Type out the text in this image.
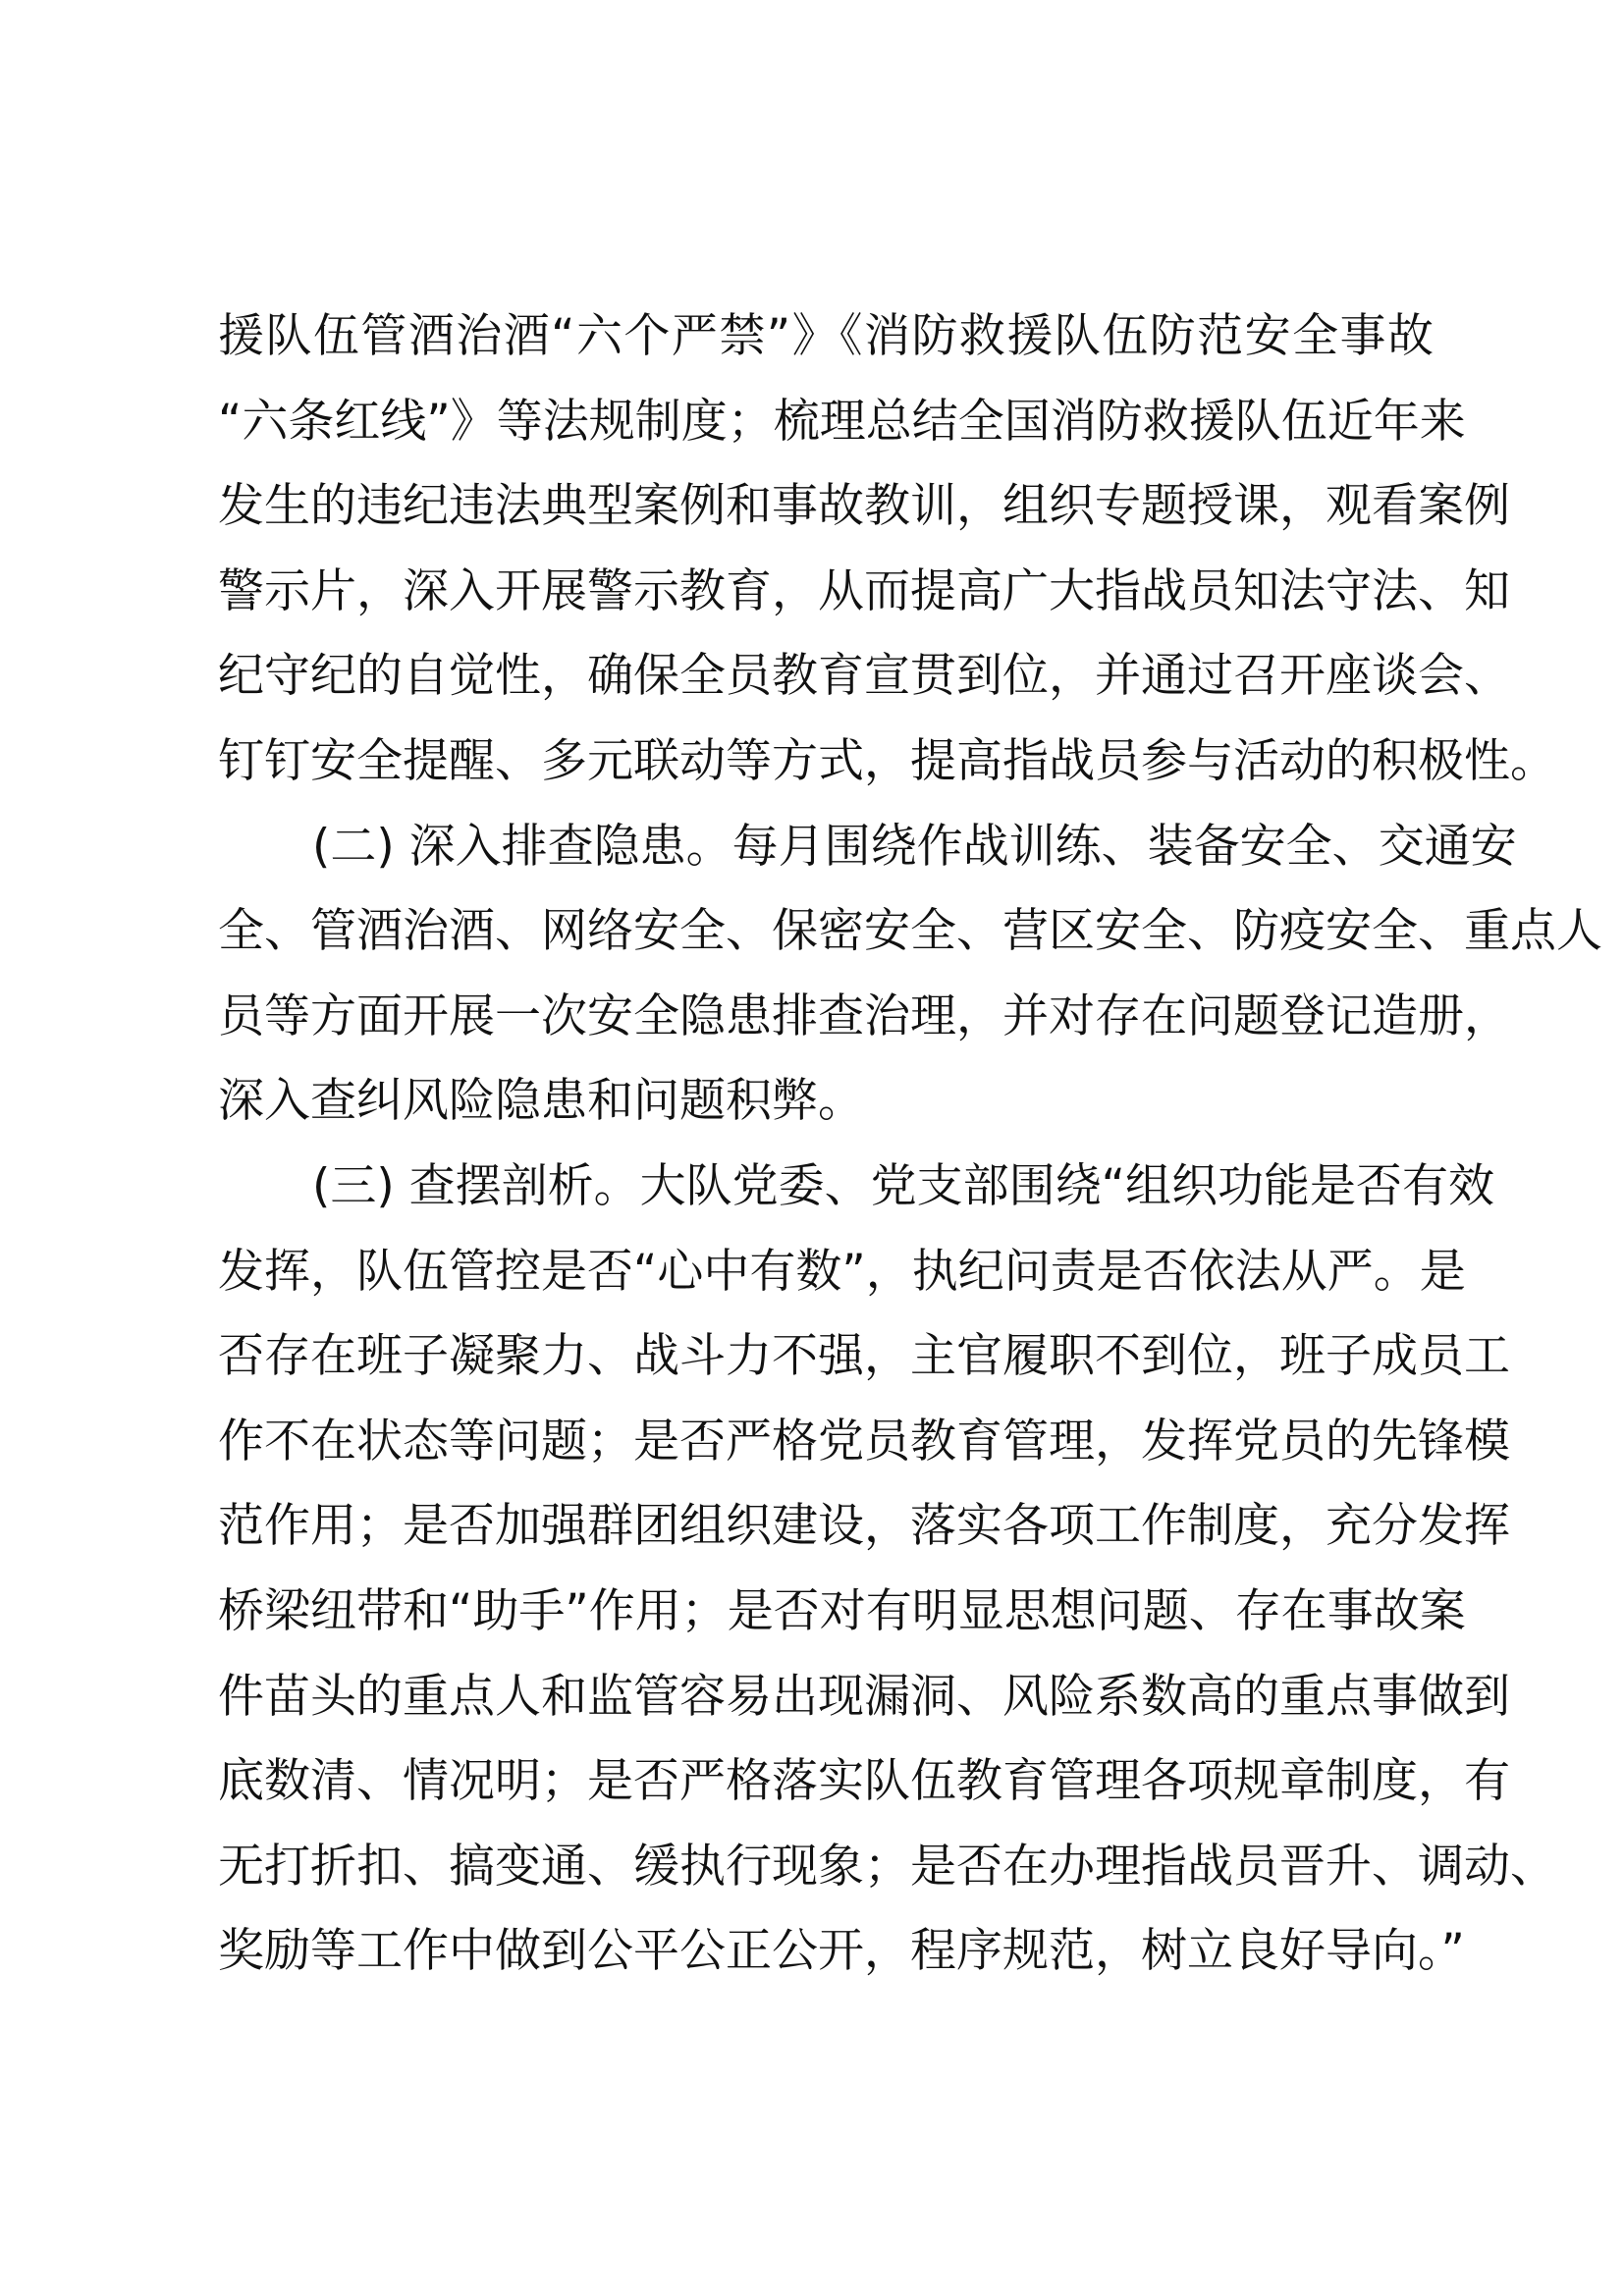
援队伍管酒治酒“六个严禁”》《消防救援队伍防范安全事故
“六条红线”》等法规制度；梳理总结全国消防救援队伍近年来
发生的违纪违法典型案例和事故教训，组织专题授课，观看案例
警示片，深入开展警示教育，从而提高广大指战员知法守法、知
纪守纪的自觉性，确保全员教育宣贯到位，并通过召开座谈会、
钉钉安全提醒、多元联动等方式，提高指战员参与活动的积极性。
(二) 深入排查隐患。每月围绕作战训练、装备安全、交通安
全、管酒治酒、网络安全、保密安全、营区安全、防疫安全、重点人
员等方面开展一次安全隐患排查治理，并对存在问题登记造册，
深入查纠风险隐患和问题积弊。
(三) 查摆剖析。大队党委、党支部围绕“组织功能是否有效
发挥，队伍管控是否“心中有数”，执纪问责是否依法从严。是
否存在班子凝聚力、战斗力不强，主官履职不到位，班子成员工
作不在状态等问题；是否严格党员教育管理，发挥党员的先锋模
范作用；是否加强群团组织建设，落实各项工作制度，充分发挥
桥梁纽带和“助手”作用；是否对有明显思想问题、存在事故案
件苗头的重点人和监管容易出现漏洞、风险系数高的重点事做到
底数清、情况明；是否严格落实队伍教育管理各项规章制度，有
无打折扣、搞变通、缓执行现象；是否在办理指战员晋升、调动、
奖励等工作中做到公平公正公开，程序规范，树立良好导向。”
